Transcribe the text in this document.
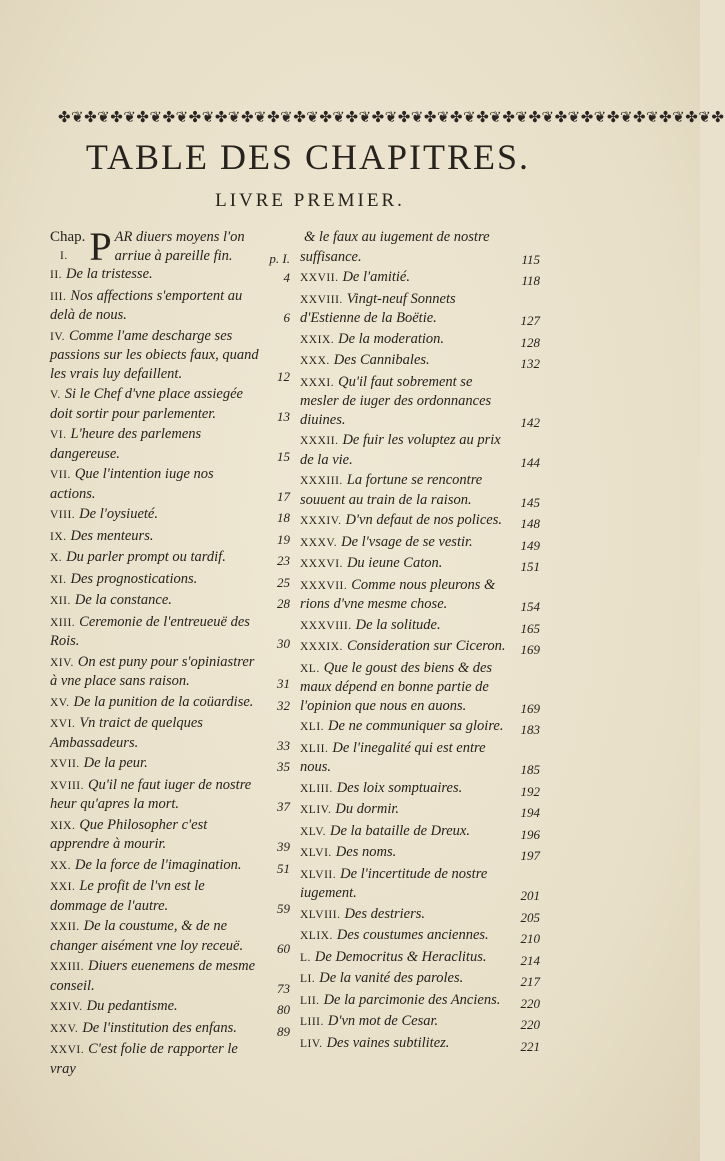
✤❦✤❦✤❦✤❦✤❦✤❦✤❦✤❦✤❦✤❦✤❦✤❦✤❦✤❦✤❦✤❦✤❦✤❦✤❦✤❦✤❦✤❦✤❦✤❦✤❦✤
TABLE DES CHAPITRES.
LIVRE PREMIER.
Chap.
I. P AR diuers moyens l'on arriue à pareille fin.	p. I.
II. De la tristesse.	4
III. Nos affections s'emportent au delà de nous.	6
IV. Comme l'ame descharge ses passions sur les obiects faux, quand les vrais luy defaillent.	12
V. Si le Chef d'vne place assiegée doit sortir pour parlementer.	13
VI. L'heure des parlemens dangereuse.	15
VII. Que l'intention iuge nos actions.	17
VIII. De l'oysiueté.	18
IX. Des menteurs.	19
X. Du parler prompt ou tardif.	23
XI. Des prognostications.	25
XII. De la constance.	28
XIII. Ceremonie de l'entreueuë des Rois.	30
XIV. On est puny pour s'opiniastrer à vne place sans raison.	31
XV. De la punition de la coüardise. 32
XVI. Vn traict de quelques Ambassadeurs.	33
XVII. De la peur.	35
XVIII. Qu'il ne faut iuger de nostre heur qu'apres la mort.	37
XIX. Que Philosopher c'est apprendre à mourir.	39
XX. De la force de l'imagination.	51
XXI. Le profit de l'vn est le dommage de l'autre.	59
XXII. De la coustume, & de ne changer aisément vne loy receuë.	60
XXIII. Diuers euenemens de mesme conseil.	73
XXIV. Du pedantisme.	80
XXV. De l'institution des enfans.	89
XXVI. C'est folie de rapporter le vray
& le faux au iugement de nostre suffisance.	115
XXVII. De l'amitié.	118
XXVIII. Vingt-neuf Sonnets d'Estienne de la Boëtie.	127
XXIX. De la moderation.	128
XXX. Des Cannibales.	132
XXXI. Qu'il faut sobrement se mesler de iuger des ordonnances diuines.	142
XXXII. De fuir les voluptez au prix de la vie.	144
XXXIII. La fortune se rencontre souuent au train de la raison.	145
XXXIV. D'vn defaut de nos polices. 148
XXXV. De l'vsage de se vestir.	149
XXXVI. Du ieune Caton.	151
XXXVII. Comme nous pleurons & rions d'vne mesme chose.	154
XXXVIII. De la solitude.	165
XXXIX. Consideration sur Ciceron. 169
XL. Que le goust des biens & des maux dépend en bonne partie de l'opinion que nous en auons.	169
XLI. De ne communiquer sa gloire. 183
XLII. De l'inegalité qui est entre nous.	185
XLIII. Des loix somptuaires.	192
XLIV. Du dormir.	194
XLV. De la bataille de Dreux.	196
XLVI. Des noms.	197
XLVII. De l'incertitude de nostre iugement.	201
XLVIII. Des destriers.	205
XLIX. Des coustumes anciennes. 210
L. De Democritus & Heraclitus.	214
LI. De la vanité des paroles.	217
LII. De la parcimonie des Anciens. 220
LIII. D'vn mot de Cesar.	220
LIV. Des vaines subtilitez.	221
